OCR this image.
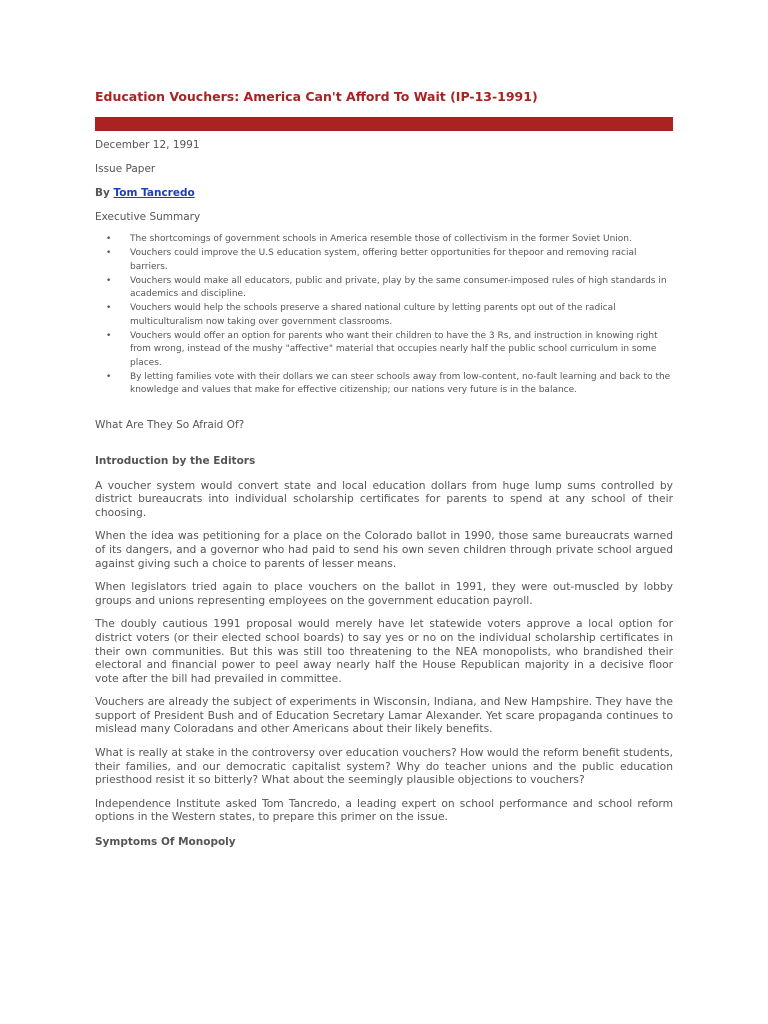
Education Vouchers: America Can't Afford To Wait (IP-13-1991)

December 12, 1991

Issue Paper

By Tom Tancredo

Executive Summary

• The shortcomings of government schools in America resemble those of collectivism in the former Soviet Union.
• Vouchers could improve the U.S education system, offering better opportunities for thepoor and removing racial barriers.
• Vouchers would make all educators, public and private, play by the same consumer-imposed rules of high standards in academics and discipline.
• Vouchers would help the schools preserve a shared national culture by letting parents opt out of the radical multiculturalism now taking over government classrooms.
• Vouchers would offer an option for parents who want their children to have the 3 Rs, and instruction in knowing right from wrong, instead of the mushy "affective" material that occupies nearly half the public school curriculum in some places.
• By letting families vote with their dollars we can steer schools away from low-content, no-fault learning and back to the knowledge and values that make for effective citizenship; our nations very future is in the balance.

What Are They So Afraid Of?

Introduction by the Editors

A voucher system would convert state and local education dollars from huge lump sums controlled by district bureaucrats into individual scholarship certificates for parents to spend at any school of their choosing.

When the idea was petitioning for a place on the Colorado ballot in 1990, those same bureaucrats warned of its dangers, and a governor who had paid to send his own seven children through private school argued against giving such a choice to parents of lesser means.

When legislators tried again to place vouchers on the ballot in 1991, they were out-muscled by lobby groups and unions representing employees on the government education payroll.

The doubly cautious 1991 proposal would merely have let statewide voters approve a local option for district voters (or their elected school boards) to say yes or no on the individual scholarship certificates in their own communities. But this was still too threatening to the NEA monopolists, who brandished their electoral and financial power to peel away nearly half the House Republican majority in a decisive floor vote after the bill had prevailed in committee.

Vouchers are already the subject of experiments in Wisconsin, Indiana, and New Hampshire. They have the support of President Bush and of Education Secretary Lamar Alexander. Yet scare propaganda continues to mislead many Coloradans and other Americans about their likely benefits.

What is really at stake in the controversy over education vouchers? How would the reform benefit students, their families, and our democratic capitalist system? Why do teacher unions and the public education priesthood resist it so bitterly? What about the seemingly plausible objections to vouchers?

Independence Institute asked Tom Tancredo, a leading expert on school performance and school reform options in the Western states, to prepare this primer on the issue.

Symptoms Of Monopoly
